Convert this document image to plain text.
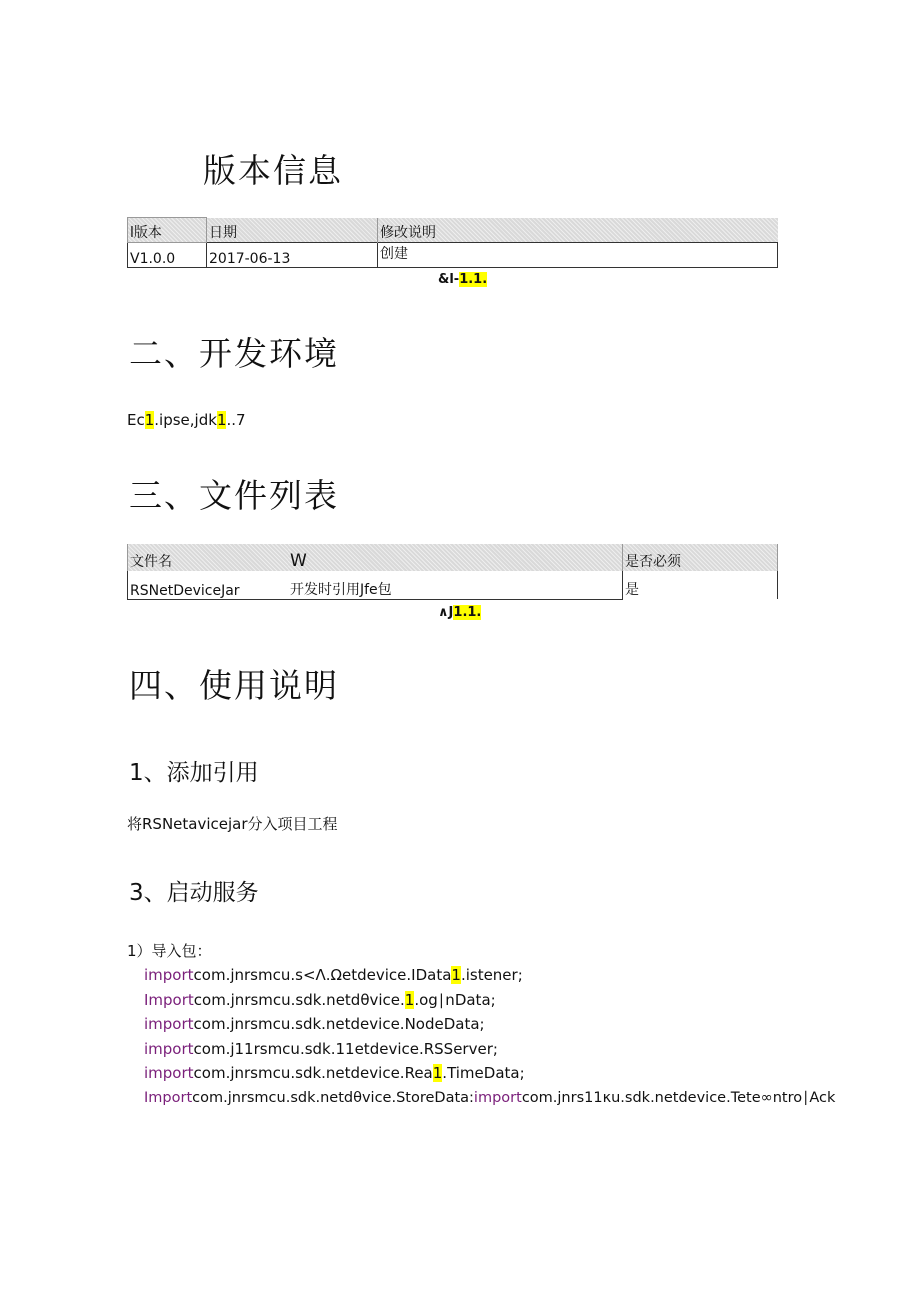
版本信息
l版本	日期	修改说明
V1.0.0	2017-06-13	创建
&l-1.1.
二、开发环境
Ec1.ipse,jdk1..7
三、文件列表
文件名	W	是否必须
RSNetDeviceJar	开发时引用Jfe包	是
∧J1.1.
四、使用说明
1、添加引用
将RSNetavicejar分入项目工程
3、启动服务
1）导入包：
importcom.jnrsmcu.s<Λ.Ωetdevice.IData1.istener;
Importcom.jnrsmcu.sdk.netdθvice.1.og∣nData;
importcom.jnrsmcu.sdk.netdevice.NodeData;
importcom.j11rsmcu.sdk.11etdevice.RSServer;
importcom.jnrsmcu.sdk.netdevice.Rea1.TimeData;
Importcom.jnrsmcu.sdk.netdθvice.StoreData:importcom.jnrs11κu.sdk.netdevice.Tete∞ntro∣Ack
